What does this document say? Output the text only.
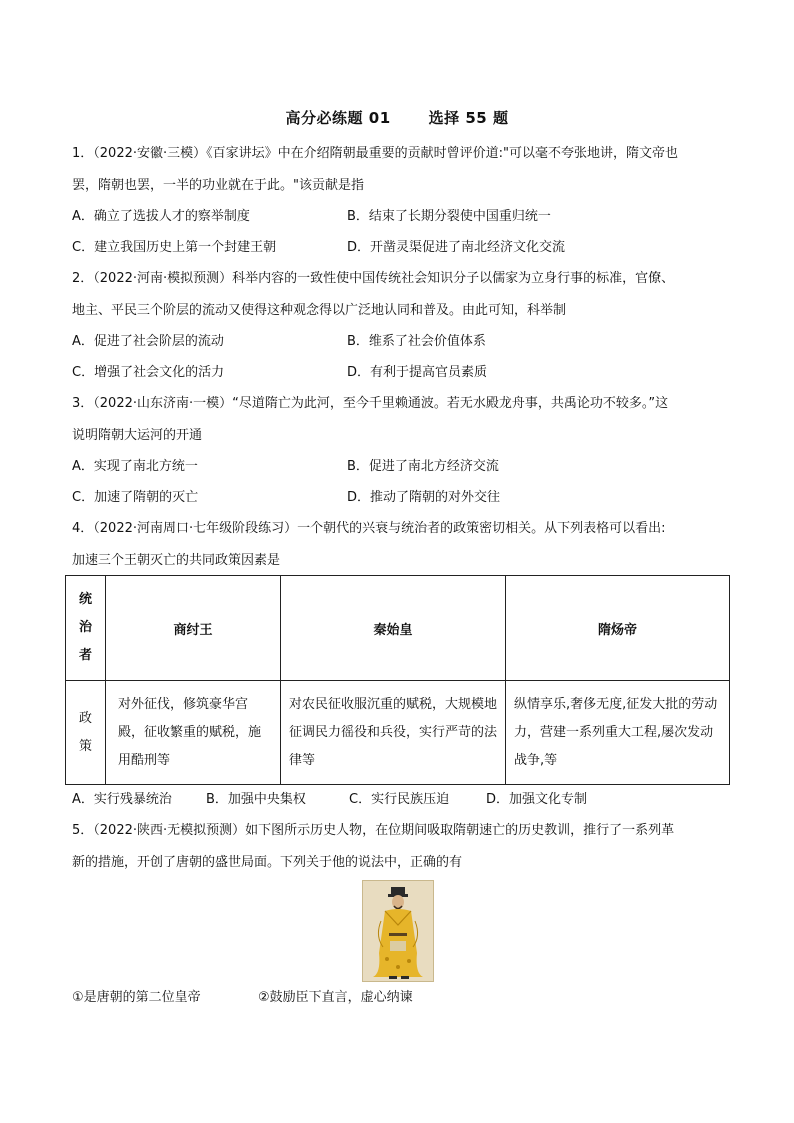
高分必练题 01	选择 55 题
1．（2022·安徽·三模）《百家讲坛》中在介绍隋朝最重要的贡献时曾评价道:"可以毫不夸张地讲，隋文帝也
罢，隋朝也罢，一半的功业就在于此。"该贡献是指
A．确立了选拔人才的察举制度	B．结束了长期分裂使中国重归统一
C．建立我国历史上第一个封建王朝	D．开凿灵渠促进了南北经济文化交流
2．（2022·河南·模拟预测）科举内容的一致性使中国传统社会知识分子以儒家为立身行事的标准，官僚、
地主、平民三个阶层的流动又使得这种观念得以广泛地认同和普及。由此可知，科举制
A．促进了社会阶层的流动	B．维系了社会价值体系
C．增强了社会文化的活力	D．有利于提高官员素质
3．（2022·山东济南·一模）“尽道隋亡为此河，至今千里赖通波。若无水殿龙舟事，共禹论功不较多。”这
说明隋朝大运河的开通
A．实现了南北方统一	B．促进了南北方经济交流
C．加速了隋朝的灭亡	D．推动了隋朝的对外交往
4．（2022·河南周口·七年级阶段练习）一个朝代的兴衰与统治者的政策密切相关。从下列表格可以看出:
加速三个王朝灭亡的共同政策因素是
统
治
者	商纣王	秦始皇	隋炀帝

政
策	对外征伐，修筑豪华宫殿，征收繁重的赋税，施用酷刑等	对农民征收服沉重的赋税，大规模地征调民力徭役和兵役，实行严苛的法律等	纵情享乐,奢侈无度,征发大批的劳动力，营建一系列重大工程,屡次发动战争,等
A．实行残暴统治	B．加强中央集权	C．实行民族压迫	D．加强文化专制
5．（2022·陕西·无模拟预测）如下图所示历史人物，在位期间吸取隋朝速亡的历史教训，推行了一系列革
新的措施，开创了唐朝的盛世局面。下列关于他的说法中，正确的有
①是唐朝的第二位皇帝	②鼓励臣下直言，虚心纳谏
